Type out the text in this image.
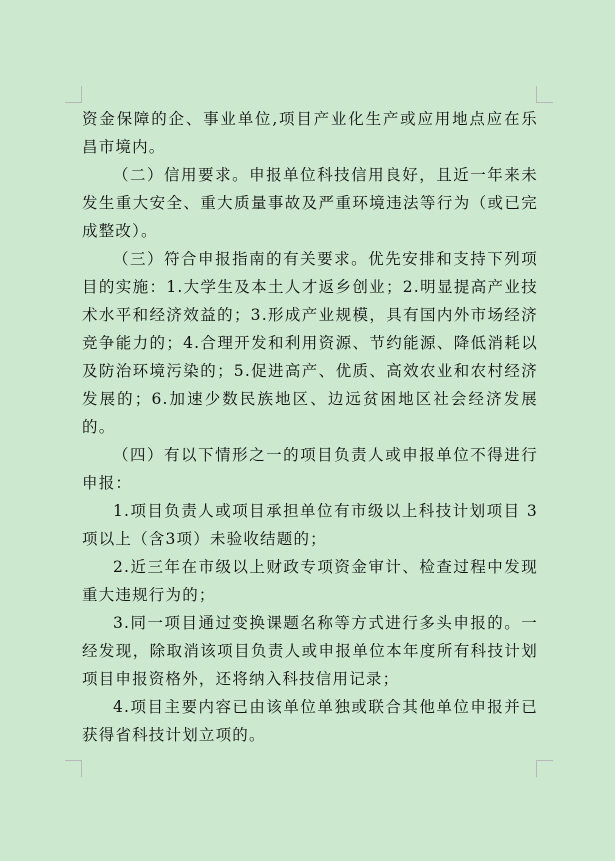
资金保障的企、事业单位,项目产业化生产或应用地点应在乐昌市境内。

（二）信用要求。申报单位科技信用良好，且近一年来未发生重大安全、重大质量事故及严重环境违法等行为（或已完成整改）。

（三）符合申报指南的有关要求。优先安排和支持下列项目的实施：1.大学生及本土人才返乡创业；2.明显提高产业技术水平和经济效益的；3.形成产业规模，具有国内外市场经济竞争能力的；4.合理开发和利用资源、节约能源、降低消耗以及防治环境污染的；5.促进高产、优质、高效农业和农村经济发展的；6.加速少数民族地区、边远贫困地区社会经济发展的。

（四）有以下情形之一的项目负责人或申报单位不得进行申报：

1.项目负责人或项目承担单位有市级以上科技计划项目 3项以上（含3项）未验收结题的；

2.近三年在市级以上财政专项资金审计、检查过程中发现重大违规行为的；

3.同一项目通过变换课题名称等方式进行多头申报的。一经发现，除取消该项目负责人或申报单位本年度所有科技计划项目申报资格外，还将纳入科技信用记录；

4.项目主要内容已由该单位单独或联合其他单位申报并已获得省科技计划立项的。
